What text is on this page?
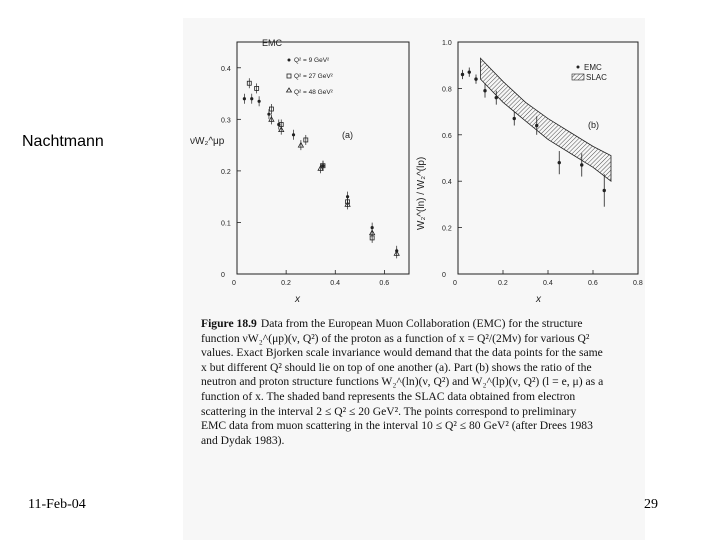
Nachtmann
EMC
(a)
νW₂^μp
x
Q² = 9 GeV²
Q² = 27 GeV²
Q² = 48 GeV²
0	0.2	0.4	0.6
0
0.1
0.2
0.3
0.4
(b)
W₂^(ln) / W₂^(lp)
x
EMC
SLAC
0	0.2	0.4	0.6	0.8
0
0.2
0.4
0.6
0.8
1.0
Figure 18.9 Data from the European Muon Collaboration (EMC) for the structure
function νW₂^(μp)(ν, Q²) of the proton as a function of x = Q²/(2Mν) for various Q²
values. Exact Bjorken scale invariance would demand that the data points for the same
x but different Q² should lie on top of one another (a). Part (b) shows the ratio of the
neutron and proton structure functions W₂^(ln)(ν, Q²) and W₂^(lp)(ν, Q²) (l = e, μ) as a
function of x. The shaded band represents the SLAC data obtained from electron
scattering in the interval 2 ≤ Q² ≤ 20 GeV². The points correspond to preliminary
EMC data from muon scattering in the interval 10 ≤ Q² ≤ 80 GeV² (after Drees 1983
and Dydak 1983).
11-Feb-04	29
